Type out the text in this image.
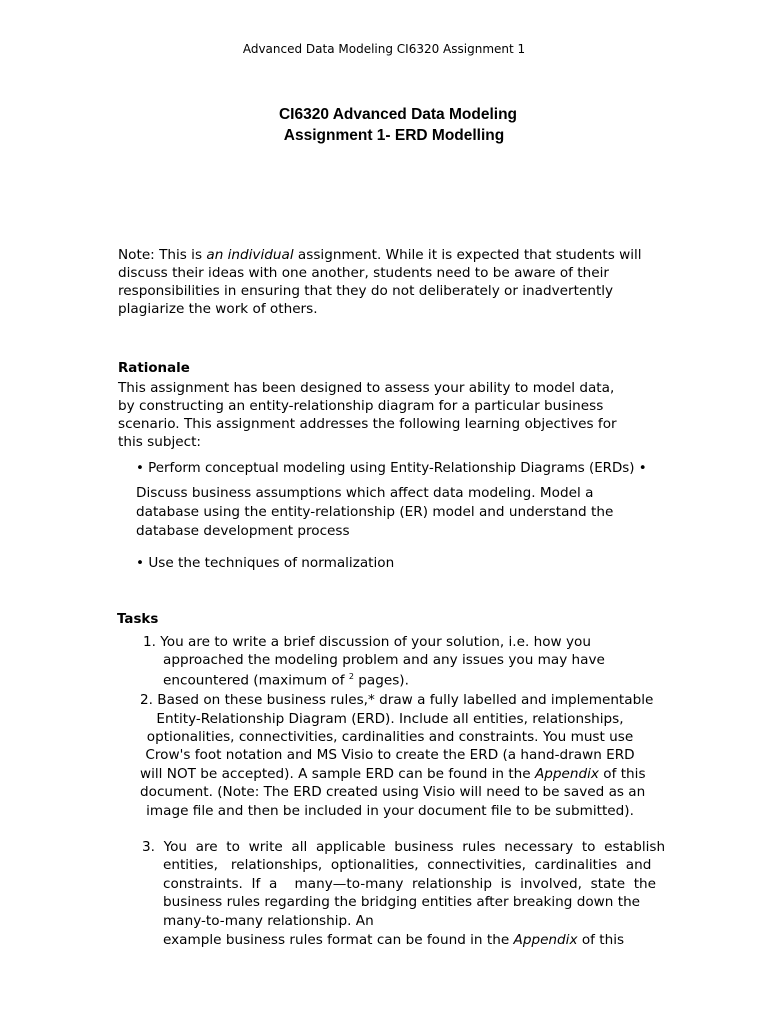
Advanced Data Modeling CI6320 Assignment 1
CI6320 Advanced Data Modeling
Assignment 1- ERD Modelling
Note: This is an individual assignment. While it is expected that students will
discuss their ideas with one another, students need to be aware of their
responsibilities in ensuring that they do not deliberately or inadvertently
plagiarize the work of others.
Rationale
This assignment has been designed to assess your ability to model data,
by constructing an entity-relationship diagram for a particular business
scenario. This assignment addresses the following learning objectives for
this subject:
• Perform conceptual modeling using Entity-Relationship Diagrams (ERDs) •
Discuss business assumptions which affect data modeling. Model a
database using the entity-relationship (ER) model and understand the
database development process
• Use the techniques of normalization
Tasks
1. You are to write a brief discussion of your solution, i.e. how you
approached the modeling problem and any issues you may have
encountered (maximum of $^2$ pages).
2. Based on these business rules,* draw a fully labelled and implementable
Entity-Relationship Diagram (ERD). Include all entities, relationships,
optionalities, connectivities, cardinalities and constraints. You must use
Crow's foot notation and MS Visio to create the ERD (a hand-drawn ERD
will NOT be accepted). A sample ERD can be found in the Appendix of this
document. (Note: The ERD created using Visio will need to be saved as an
image file and then be included in your document file to be submitted).
3.  You  are  to  write  all  applicable  business  rules  necessary  to  establish
entities,   relationships,  optionalities,  connectivities,  cardinalities  and
constraints.  If  a    many—to-many  relationship  is  involved,  state  the
business rules regarding the bridging entities after breaking down the
many-to-many relationship. An
example business rules format can be found in the Appendix of this
